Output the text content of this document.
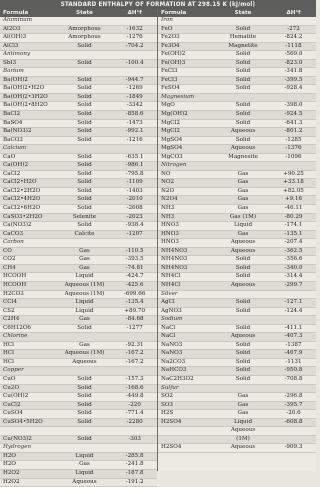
STANDARD ENTHALPY OF FORMATION AT 298.15 K (kJ/mol)
Formula	State	ΔH°f
Aluminum
Al2O3	Amorphous	-1632
Al(OH)3	Amorphous	-1276
AlCl3	Solid	-704.2
Antimony
SbI3	Solid	-100.4
Barium
Ba(OH)2	Solid	-944.7
Ba(OH)2•H2O	Solid	-1269
Ba(OH)2•3H2O	Solid	-1849
Ba(OH)2•8H2O	Solid	-3342
BaCl2	Solid	-858.6
BaSO4	Solid	-1473
Ba(NO3)2	Solid	-992.1
BaCO3	Solid	-1216
Calcium
CaO	Solid	-635.1
Ca(OH)2	Solid	-986.1
CaCl2	Solid	-795.8
CaCl2•H2O	Solid	-1109
CaCl2•2H2O	Solid	-1403
CaCl2•4H2O	Solid	-2010
CaCl2•6H2O	Solid	-2608
CaSO3•2H2O	Selenite	-2023
Ca(NO3)2	Solid	-938.4
CaCO3	Calcite	-1207
Carbon
CO	Gas	-110.5
CO2	Gas	-393.5
CH4	Gas	-74.81
HCOOH	Liquid	-424.7
HCOOH	Aqueous (1M)	-425.6
H2CO3	Aqueous (1M)	-699.66
CCl4	Liquid	-135.4
CS2	Liquid	+89.70
C2H4	Gas	-84.68
C6H12O6	Solid	-1277
Chlorine
HCl	Gas	-92.31
HCl	Aqueous (1M)	-167.2
HCl	Aqueous	-167.2
Copper
CuO	Solid	-157.3
Cu2O	Solid	-168.6
Cu(OH)2	Solid	-449.8
CuCl2	Solid	-220
CuSO4	Solid	-771.4
CuSO4•5H2O	Solid	-2280
Cu(NO3)2	Solid	-303
Hydrogen
H2O	Liquid	-285.8
H2O	Gas	-241.8
H2O2	Liquid	-187.8
H2O2	Aqueous	-191.2
Formula	State	ΔH°f
Iron
FeO	Solid	-272
Fe2O3	Hematite	-824.2
Fe3O4	Magnetite	-1118
Fe(OH)2	Solid	-569.0
Fe(OH)3	Solid	-823.0
FeCl3	Solid	-341.8
FeCl3	Solid	-399.5
FeSO4	Solid	-928.4
Magnesium
MgO	Solid	-398.0
Mg(OH)2	Solid	-924.5
MgCl2	Solid	-641.3
MgCl2	Aqueous	-801.2
MgSO4	Solid	-1285
MgSO4	Aqueous	-1376
MgCO3	Magnesite	-1096
Nitrogen
NO	Gas	+90.25
NO2	Gas	+33.18
N2O	Gas	+82.05
N2O4	Gas	+9.16
NH3	Gas	-46.11
NH3	Gas (1M)	-80.29
HNO3	Liquid	-174.1
HNO3	Gas	-135.1
HNO3	Aqueous	-207.4
NH4NO3	Aqueous	-362.5
NH4NO3	Solid	-356.6
NH4NO3	Solid	-340.0
NH4Cl	Solid	-314.4
NH4Cl	Aqueous	-299.7
Silver
AgCl	Solid	-127.1
AgNO3	Solid	-124.4
Sodium
NaCl	Solid	-411.1
NaCl	Aqueous	-407.3
NaNO3	Solid	-1387
NaNO3	Solid	-467.9
Na2CO3	Solid	-1131
NaHCO3	Solid	-950.8
NaC2H3O2	Solid	-708.8
Sulfur
SO2	Gas	-296.8
SO3	Gas	-395.7
H2S	Gas	-20.6
H2SO4	Liquid	-608.8
Aqueous
(1M)
H2SO4	Aqueous	-909.3
